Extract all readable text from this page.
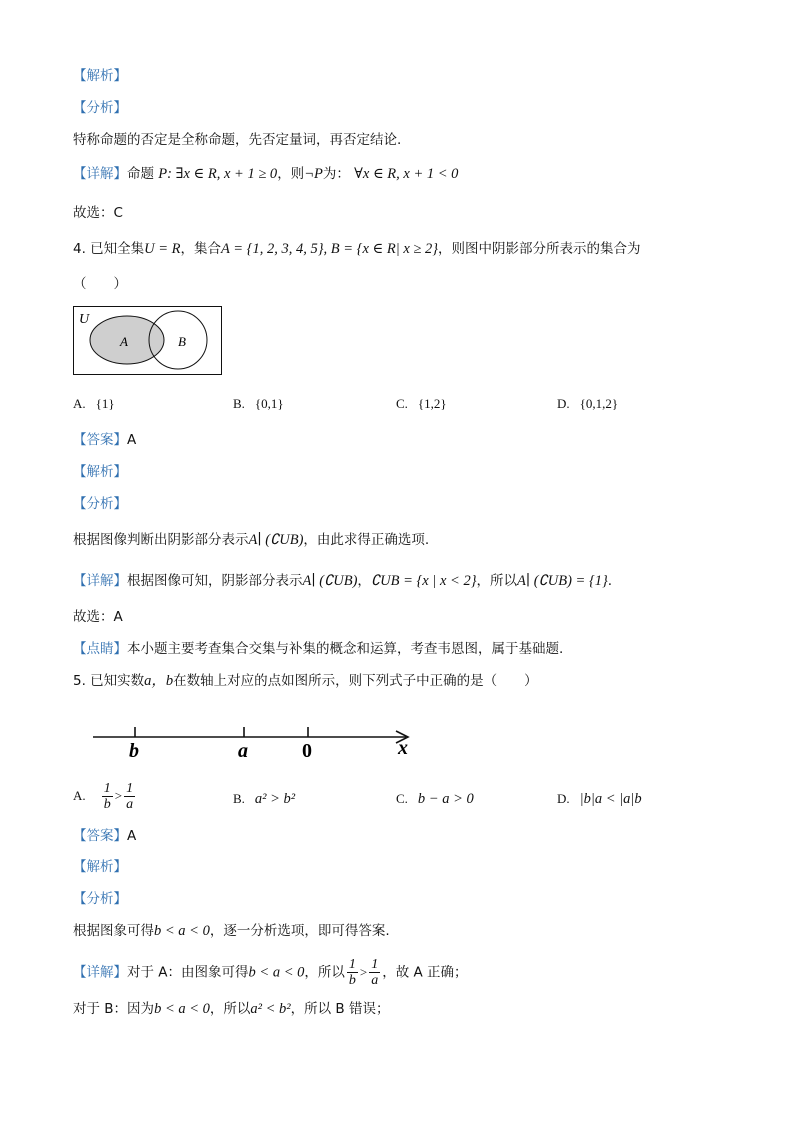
【解析】
【分析】
特称命题的否定是全称命题，先否定量词，再否定结论.
【详解】命题 P: ∃x ∈ R, x + 1 ≥ 0，则¬P为： ∀x ∈ R, x + 1 < 0
故选：C
4. 已知全集U = R，集合A = {1, 2, 3, 4, 5}, B = {x ∈ R| x ≥ 2}，则图中阴影部分所表示的集合为
（　　）
U
A	B
A. {1}	B. {0,1}	C. {1,2}	D. {0,1,2}
【答案】A
【解析】
【分析】
根据图像判断出阴影部分表示A∣ (∁UB)，由此求得正确选项.
【详解】根据图像可知，阴影部分表示A∣ (∁UB)，∁UB = {x | x < 2}，所以A∣ (∁UB) = {1}.
故选：A
【点睛】本小题主要考查集合交集与补集的概念和运算，考查韦恩图，属于基础题.
5. 已知实数a，b在数轴上对应的点如图所示，则下列式子中正确的是（　　）
b	a	0	x
A. $\frac{1}{b} > \frac{1}{a}$	B. a² > b²	C. b − a > 0	D. |b|a < |a|b
【答案】A
【解析】
【分析】
根据图象可得b < a < 0，逐一分析选项，即可得答案.
【详解】对于 A：由图象可得b < a < 0，所以 $\frac{1}{b} > \frac{1}{a}$ ，故 A 正确；
对于 B：因为b < a < 0，所以a² < b²，所以 B 错误；
